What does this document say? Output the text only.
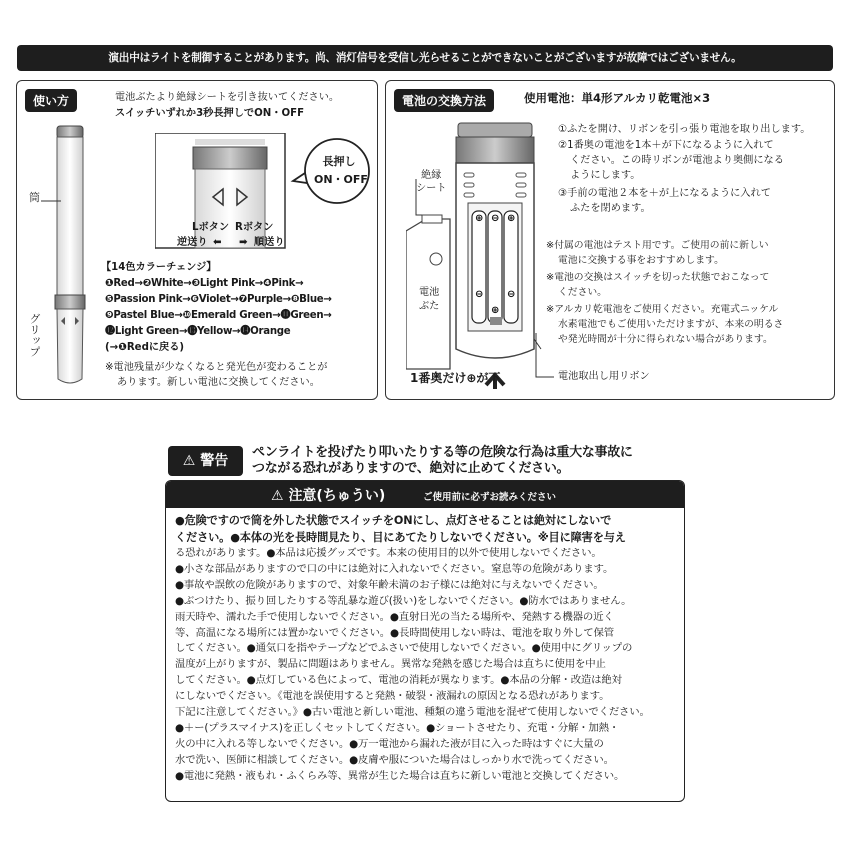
演出中はライトを制御することがあります。尚、消灯信号を受信し光らせることができないことがございますが故障ではございません。
使い方	電池ぶたより絶縁シートを引き抜いてください。
スイッチいずれか3秒長押しでON・OFF
筒
グリップ
長押し
ON・OFF
Lボタン Rボタン
逆送り ⬅ ➡ 順送り
【14色カラーチェンジ】
❶Red→❷White→❸Light Pink→❹Pink→
❺Passion Pink→❻Violet→❼Purple→❽Blue→
❾Pastel Blue→❿Emerald Green→⓫Green→
⓬Light Green→⓭Yellow→⓮Orange
(→❶Redに戻る)
※電池残量が少なくなると発光色が変わることが
あります。新しい電池に交換してください。
電池の交換方法	使用電池：単4形アルカリ乾電池×3
⊕ ⊕
⊖
⊖ ⊖
⊕
絶縁
シート
電池
ぶた
①ふたを開け、リボンを引っ張り電池を取り出します。
②1番奥の電池を1本＋が下になるように入れて
ください。この時リボンが電池より奥側になる
ようにします。
③手前の電池２本を＋が上になるように入れて
ふたを閉めます。
※付属の電池はテスト用です。ご使用の前に新しい
電池に交換する事をおすすめします。
※電池の交換はスイッチを切った状態でおこなって
ください。
※アルカリ乾電池をご使用ください。充電式ニッケル
水素電池でもご使用いただけますが、本来の明るさ
や発光時間が十分に得られない場合があります。
1番奥だけ⊕が下	電池取出し用リボン
⚠ 警告
ペンライトを投げたり叩いたりする等の危険な行為は重大な事故に
つながる恐れがありますので、絶対に止めてください。
⚠ 注意(ちゅうい)	ご使用前に必ずお読みください
●危険ですので筒を外した状態でスイッチをONにし、点灯させることは絶対にしないで
ください。●本体の光を長時間見たり、目にあてたりしないでください。※目に障害を与え
る恐れがあります。●本品は応援グッズです。本来の使用目的以外で使用しないでください。
●小さな部品がありますので口の中には絶対に入れないでください。窒息等の危険があります。
●事故や誤飲の危険がありますので、対象年齢未満のお子様には絶対に与えないでください。
●ぶつけたり、振り回したりする等乱暴な遊び(扱い)をしないでください。●防水ではありません。
雨天時や、濡れた手で使用しないでください。●直射日光の当たる場所や、発熱する機器の近く
等、高温になる場所には置かないでください。●長時間使用しない時は、電池を取り外して保管
してください。●通気口を指やテープなどでふさいで使用しないでください。●使用中にグリップの
温度が上がりますが、製品に問題はありません。異常な発熱を感じた場合は直ちに使用を中止
してください。●点灯している色によって、電池の消耗が異なります。●本品の分解・改造は絶対
にしないでください。《電池を誤使用すると発熱・破裂・液漏れの原因となる恐れがあります。
下記に注意してください。》●古い電池と新しい電池、種類の違う電池を混ぜて使用しないでください。
●＋ー(プラスマイナス)を正しくセットしてください。●ショートさせたり、充電・分解・加熱・
火の中に入れる等しないでください。●万一電池から漏れた液が目に入った時はすぐに大量の
水で洗い、医師に相談してください。●皮膚や服についた場合はしっかり水で洗ってください。
●電池に発熱・液もれ・ふくらみ等、異常が生じた場合は直ちに新しい電池と交換してください。
